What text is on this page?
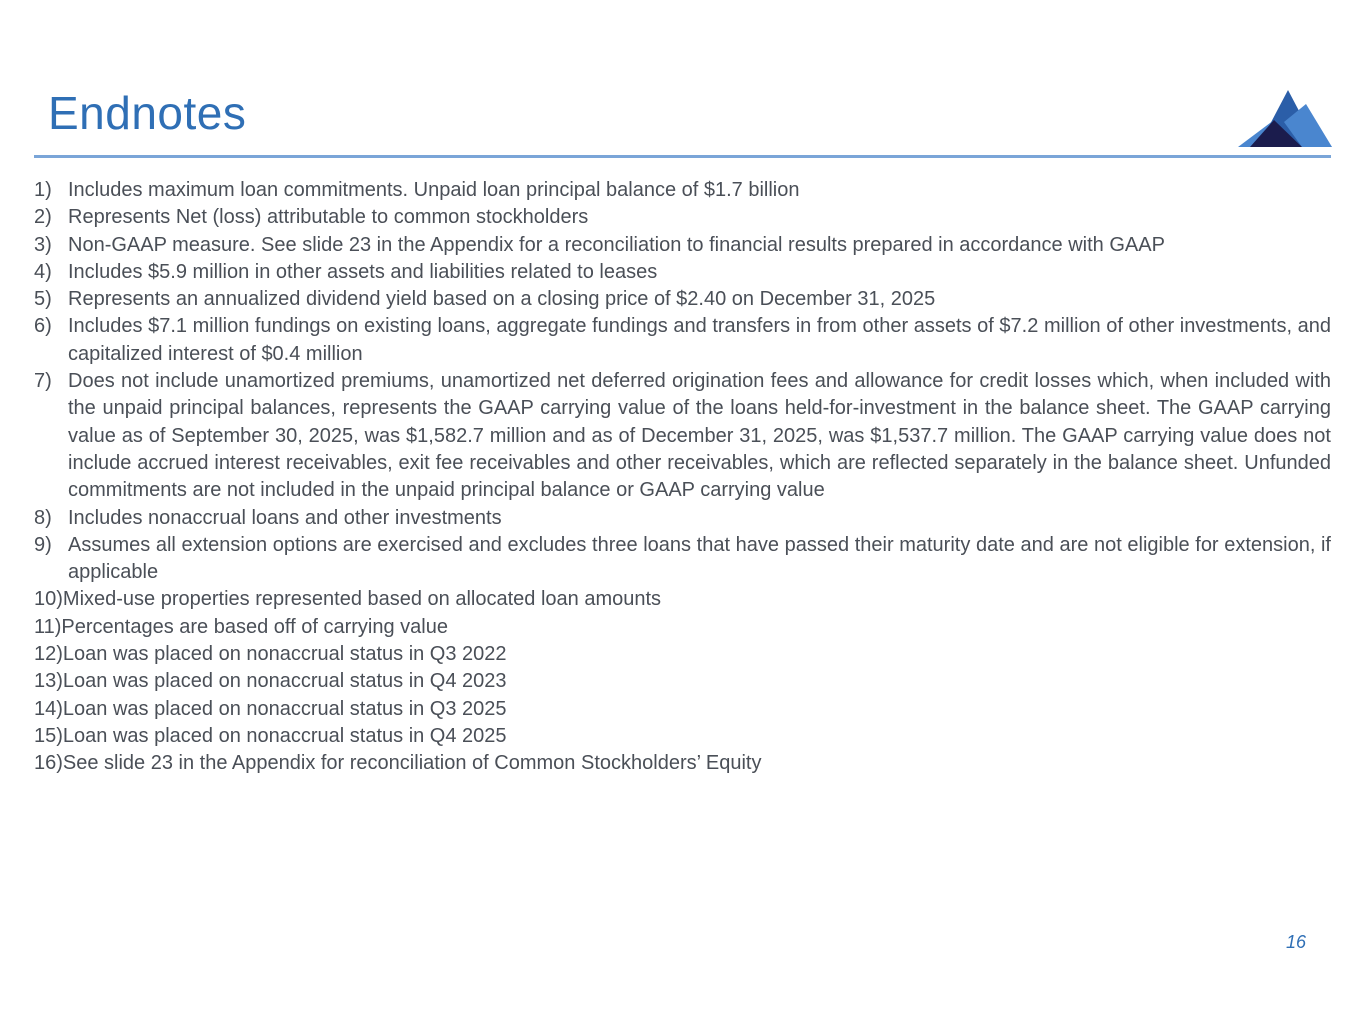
Endnotes
1) Includes maximum loan commitments. Unpaid loan principal balance of $1.7 billion
2) Represents Net (loss) attributable to common stockholders
3) Non-GAAP measure. See slide 23 in the Appendix for a reconciliation to financial results prepared in accordance with GAAP
4) Includes $5.9 million in other assets and liabilities related to leases
5) Represents an annualized dividend yield based on a closing price of $2.40 on December 31, 2025
6) Includes $7.1 million fundings on existing loans, aggregate fundings and transfers in from other assets of $7.2 million of other investments, and capitalized interest of $0.4 million
7) Does not include unamortized premiums, unamortized net deferred origination fees and allowance for credit losses which, when included with the unpaid principal balances, represents the GAAP carrying value of the loans held-for-investment in the balance sheet. The GAAP carrying value as of September 30, 2025, was $1,582.7 million and as of December 31, 2025, was $1,537.7 million. The GAAP carrying value does not include accrued interest receivables, exit fee receivables and other receivables, which are reflected separately in the balance sheet. Unfunded commitments are not included in the unpaid principal balance or GAAP carrying value
8) Includes nonaccrual loans and other investments
9) Assumes all extension options are exercised and excludes three loans that have passed their maturity date and are not eligible for extension, if applicable
10) Mixed-use properties represented based on allocated loan amounts
11) Percentages are based off of carrying value
12) Loan was placed on nonaccrual status in Q3 2022
13) Loan was placed on nonaccrual status in Q4 2023
14) Loan was placed on nonaccrual status in Q3 2025
15) Loan was placed on nonaccrual status in Q4 2025
16) See slide 23 in the Appendix for reconciliation of Common Stockholders’ Equity
16
